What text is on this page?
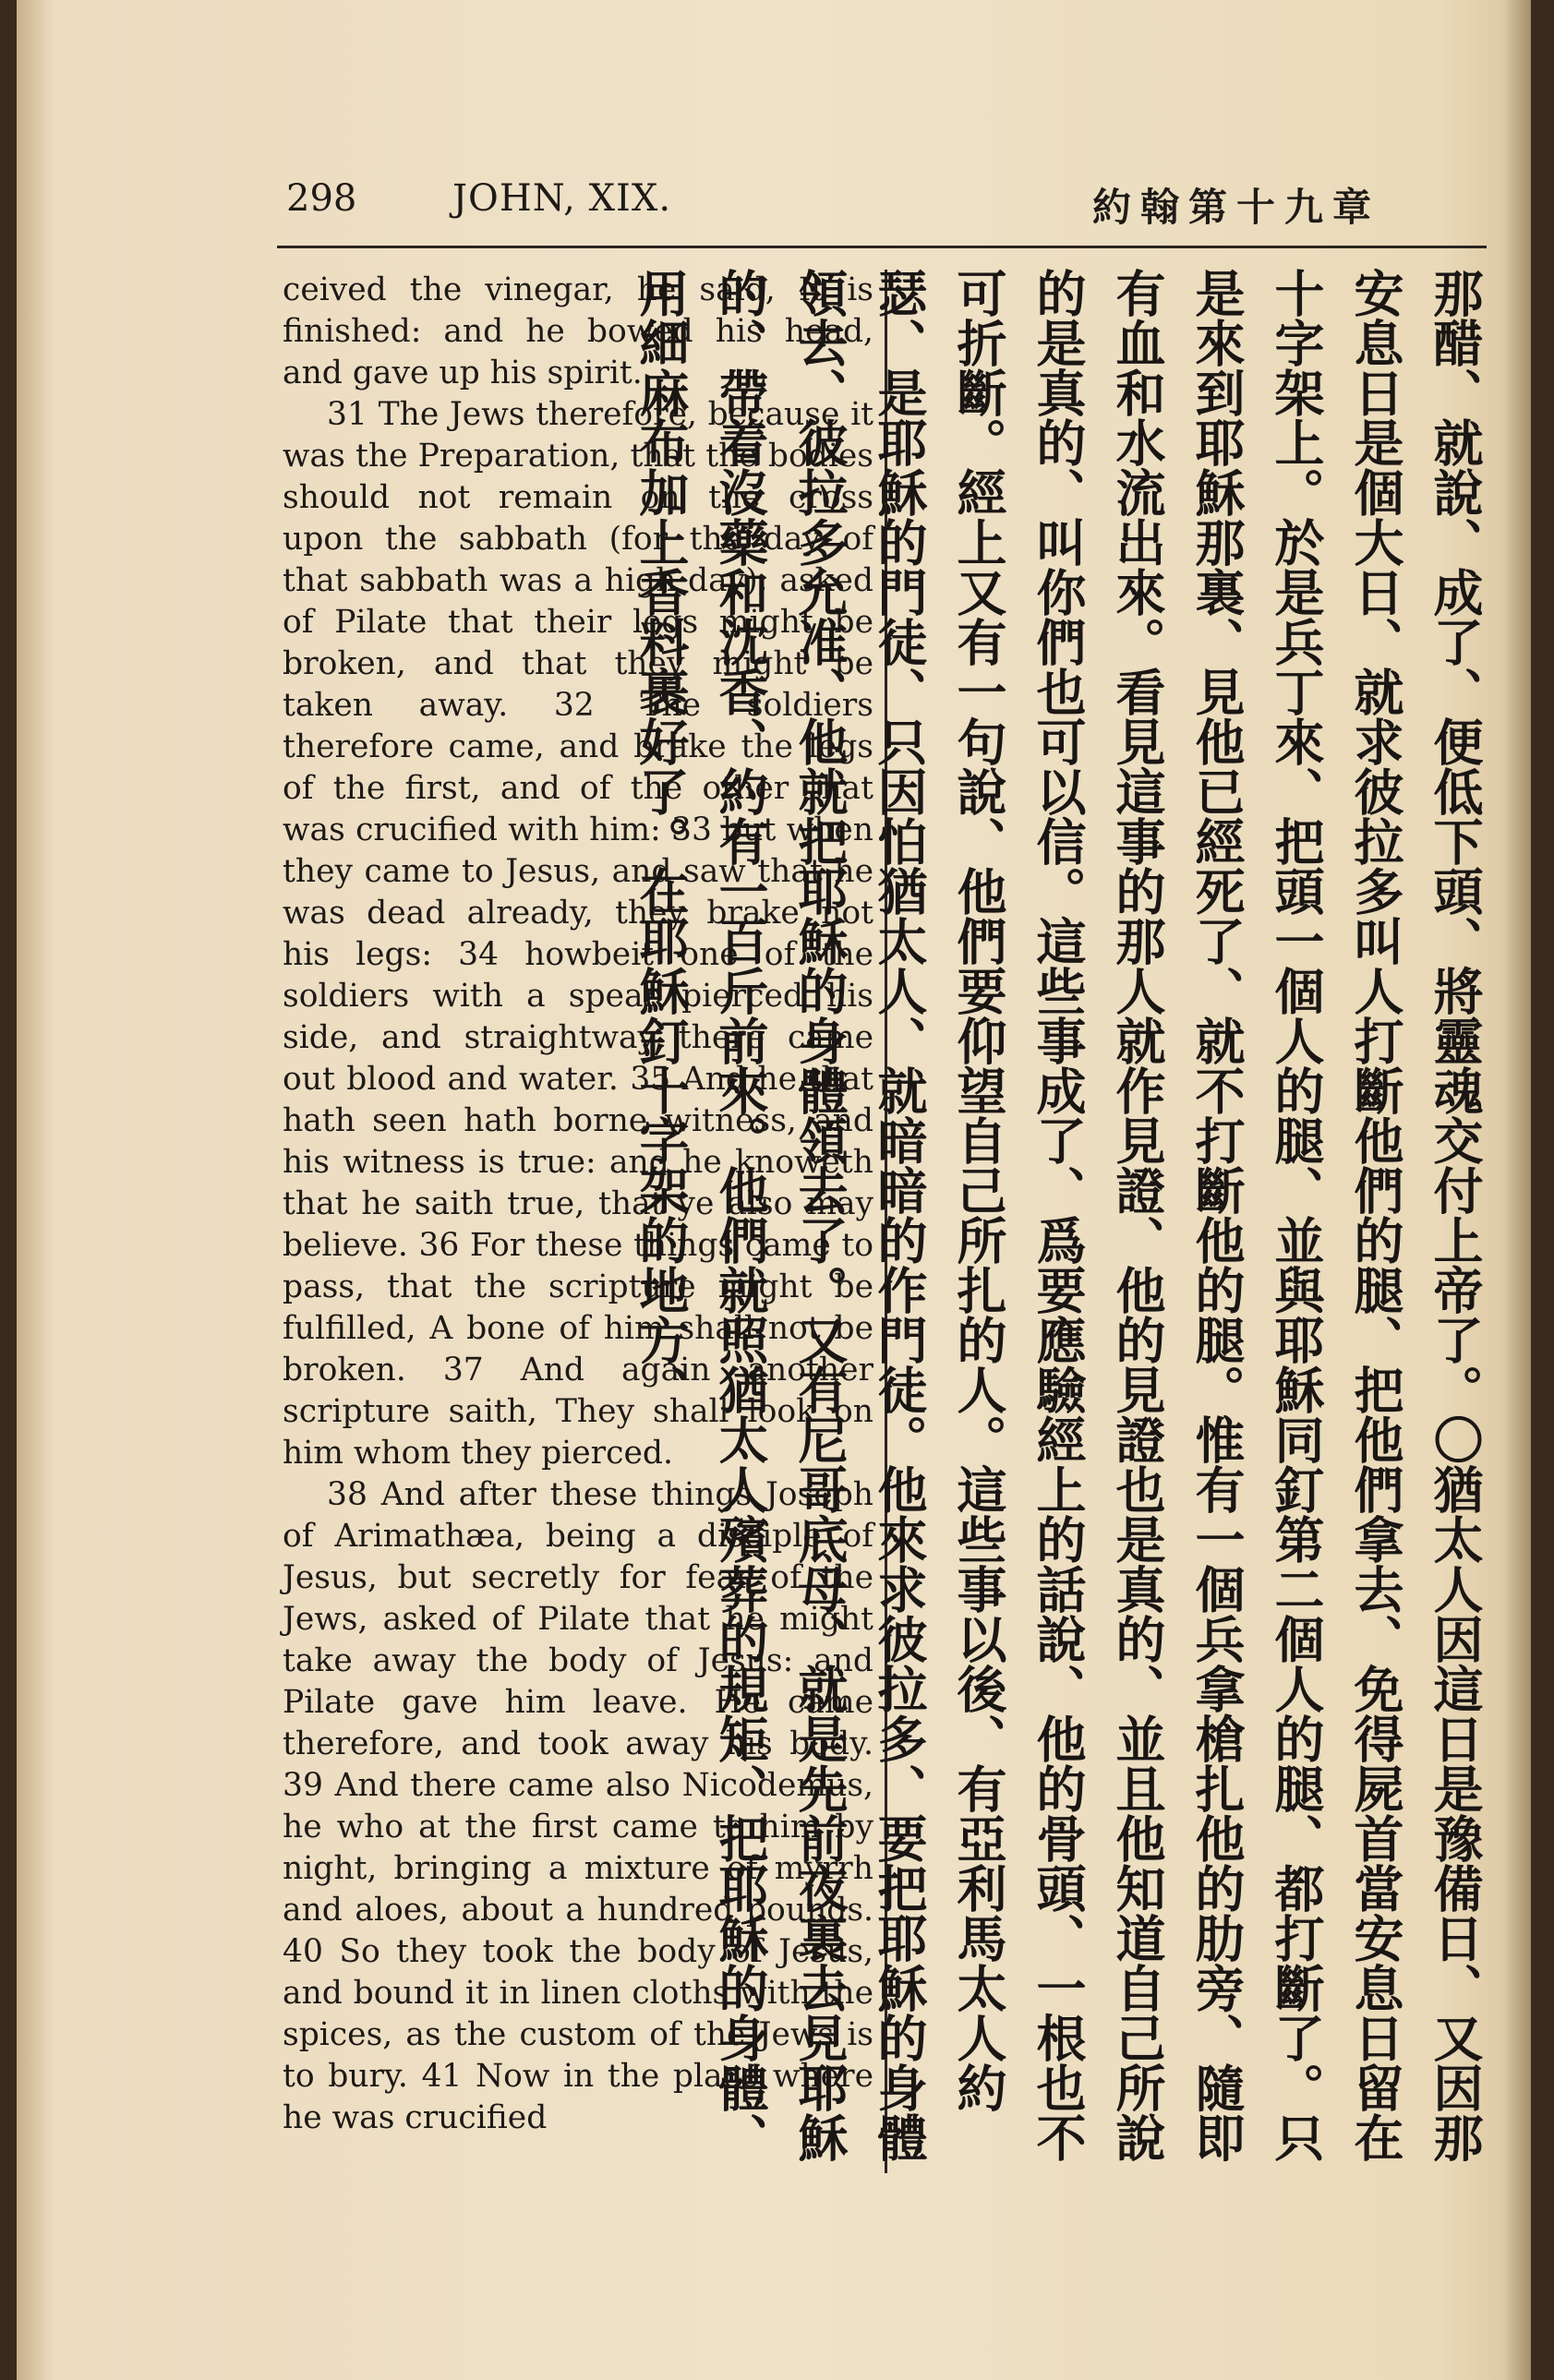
298	JOHN, XIX.	約翰第十九章

ceived the vinegar, he said, It is finished: and he bowed his head, and gave up his spirit.

31 The Jews therefore, because it was the Preparation, that the bodies should not remain on the cross upon the sabbath (for the day of that sabbath was a high day), asked of Pilate that their legs might be broken, and that they might be taken away. 32 The soldiers therefore came, and brake the legs of the first, and of the other that was crucified with him: 33 but when they came to Jesus, and saw that he was dead already, they brake not his legs: 34 howbeit one of the soldiers with a spear pierced his side, and straightway there came out blood and water. 35 And he that hath seen hath borne witness, and his witness is true: and he knoweth that he saith true, that ye also may believe. 36 For these things came to pass, that the scripture might be fulfilled, A bone of him shall not be broken. 37 And again another scripture saith, They shall look on him whom they pierced.

38 And after these things Joseph of Arimathæa, being a disciple of Jesus, but secretly for fear of the Jews, asked of Pilate that he might take away the body of Jesus: and Pilate gave him leave. He came therefore, and took away his body. 39 And there came also Nicodemus, he who at the first came to him by night, bringing a mixture of myrrh and aloes, about a hundred pounds. 40 So they took the body of Jesus, and bound it in linen cloths with the spices, as the custom of the Jews is to bury. 41 Now in the place where he was crucified	那醋、就說、成了、便低下頭、將靈魂交付上帝了。〇猶太人因這日是豫備日、又因那安息日是個大日、就求彼拉多叫人打斷他們的腿、把他們拿去、免得屍首當安息日留在十字架上。於是兵丁來、把頭一個人的腿、並與耶穌同釘第二個人的腿、都打斷了。只是來到耶穌那裏、見他已經死了、就不打斷他的腿。惟有一個兵拿槍扎他的肋旁、隨即有血和水流出來。看見這事的那人就作見證、他的見證也是真的、並且他知道自己所說的是真的、叫你們也可以信。這些事成了、爲要應驗經上的話說、他的骨頭、一根也不可折斷。經上又有一句說、他們要仰望自己所扎的人。這些事以後、有亞利馬太人約瑟、是耶穌的門徒、只因怕猶太人、就暗暗的作門徒。他來求彼拉多、要把耶穌的身體領去、彼拉多允准、他就把耶穌的身體領去了。又有尼哥底母、就是先前夜裏去見耶穌的、帶着沒藥和沈香、約有一百斤前來。他們就照猶太人殯葬的規矩、把耶穌的身體、用細麻布加上香料裹好了。在耶穌釘十字架的地方、
